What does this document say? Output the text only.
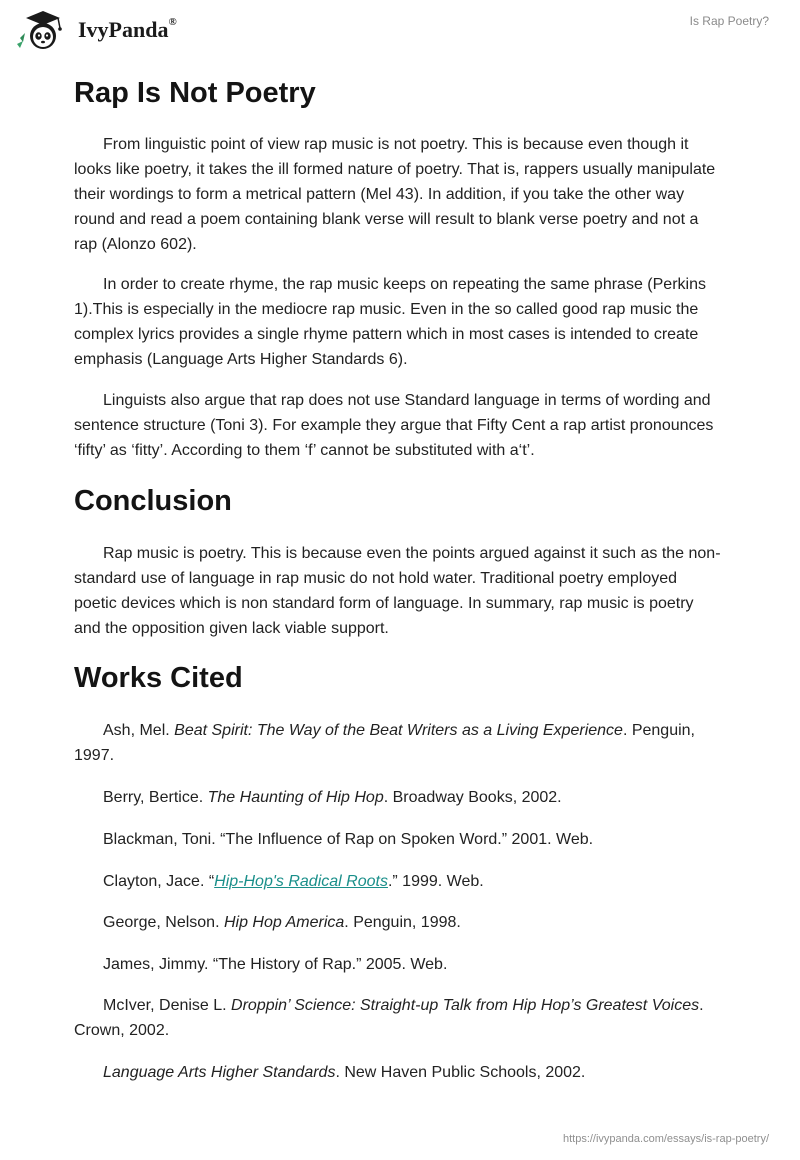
IvyPanda®	Is Rap Poetry?
Rap Is Not Poetry

From linguistic point of view rap music is not poetry. This is because even though it looks like poetry, it takes the ill formed nature of poetry. That is, rappers usually manipulate their wordings to form a metrical pattern (Mel 43). In addition, if you take the other way round and read a poem containing blank verse will result to blank verse poetry and not a rap (Alonzo 602).

In order to create rhyme, the rap music keeps on repeating the same phrase (Perkins 1).This is especially in the mediocre rap music. Even in the so called good rap music the complex lyrics provides a single rhyme pattern which in most cases is intended to create emphasis (Language Arts Higher Standards 6).

Linguists also argue that rap does not use Standard language in terms of wording and sentence structure (Toni 3). For example they argue that Fifty Cent a rap artist pronounces ‘fifty’ as ‘fitty’. According to them ‘f’ cannot be substituted with a‘t’.

Conclusion

Rap music is poetry. This is because even the points argued against it such as the non- standard use of language in rap music do not hold water. Traditional poetry employed poetic devices which is non standard form of language. In summary, rap music is poetry and the opposition given lack viable support.

Works Cited
Ash, Mel. Beat Spirit: The Way of the Beat Writers as a Living Experience. Penguin, 1997.
Berry, Bertice. The Haunting of Hip Hop. Broadway Books, 2002.
Blackman, Toni. “The Influence of Rap on Spoken Word.” 2001. Web.
Clayton, Jace. “Hip-Hop's Radical Roots.” 1999. Web.
George, Nelson. Hip Hop America. Penguin, 1998.
James, Jimmy. “The History of Rap.” 2005. Web.
McIver, Denise L. Droppin’ Science: Straight-up Talk from Hip Hop’s Greatest Voices. Crown, 2002.
Language Arts Higher Standards. New Haven Public Schools, 2002.
https://ivypanda.com/essays/is-rap-poetry/
